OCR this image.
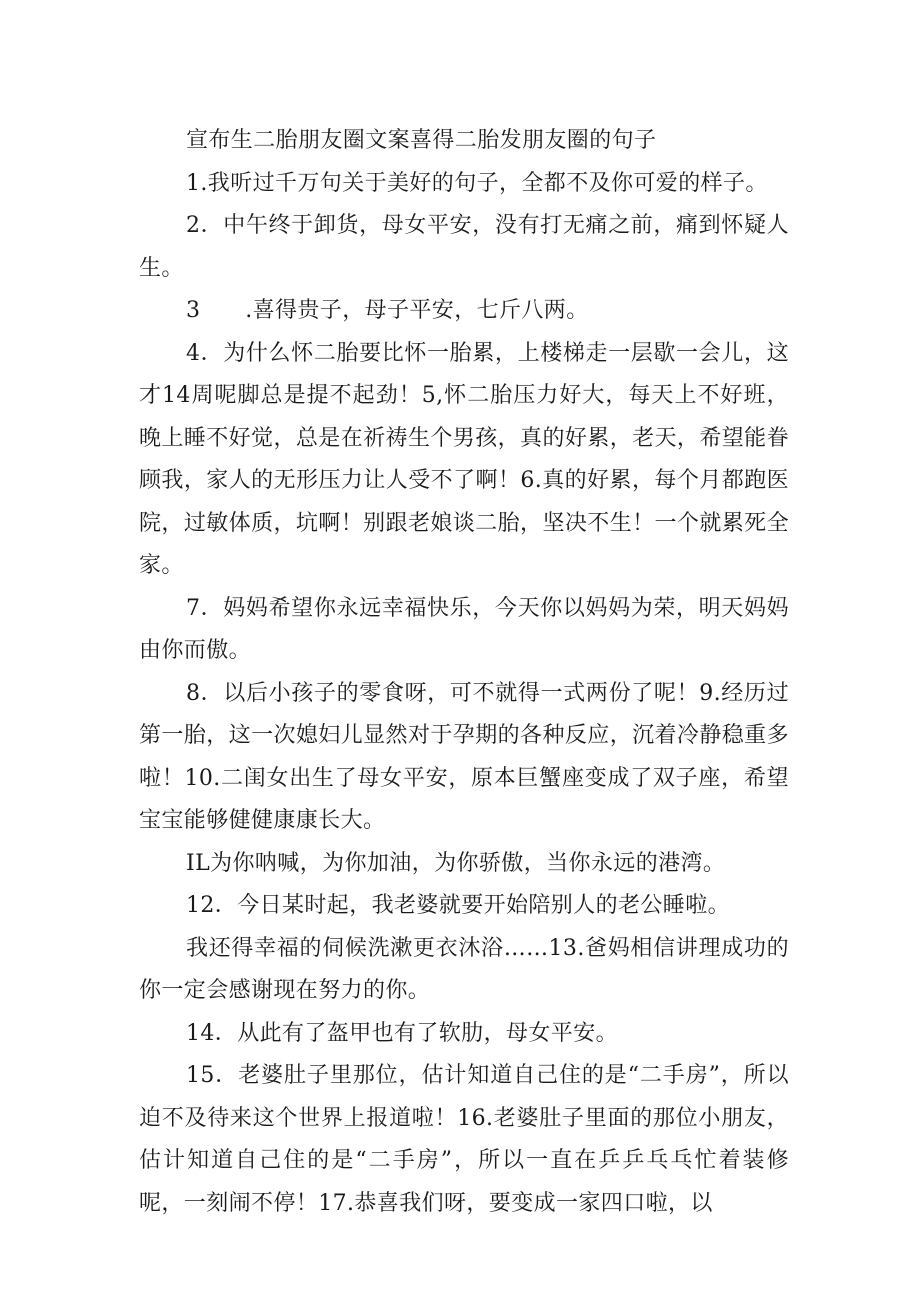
宣布生二胎朋友圈文案喜得二胎发朋友圈的句子

1.我听过千万句关于美好的句子，全都不及你可爱的样子。

2．中午终于卸货，母女平安，没有打无痛之前，痛到怀疑人生。

3　　.喜得贵子，母子平安，七斤八两。

4．为什么怀二胎要比怀一胎累，上楼梯走一层歇一会儿，这才14周呢脚总是提不起劲！5,怀二胎压力好大，每天上不好班，晚上睡不好觉，总是在祈祷生个男孩，真的好累，老天，希望能眷顾我，家人的无形压力让人受不了啊！6.真的好累，每个月都跑医院，过敏体质，坑啊！别跟老娘谈二胎，坚决不生！一个就累死全家。

7．妈妈希望你永远幸福快乐，今天你以妈妈为荣，明天妈妈由你而傲。

8．以后小孩子的零食呀，可不就得一式两份了呢！9.经历过第一胎，这一次媳妇儿显然对于孕期的各种反应，沉着冷静稳重多啦！10.二闺女出生了母女平安，原本巨蟹座变成了双子座，希望宝宝能够健健康康长大。

IL为你呐喊，为你加油，为你骄傲，当你永远的港湾。

12．今日某时起，我老婆就要开始陪别人的老公睡啦。

我还得幸福的伺候洗漱更衣沐浴……13.爸妈相信讲理成功的你一定会感谢现在努力的你。

14．从此有了盔甲也有了软肋，母女平安。

15．老婆肚子里那位，估计知道自己住的是“二手房”，所以迫不及待来这个世界上报道啦！16.老婆肚子里面的那位小朋友，估计知道自己住的是“二手房”，所以一直在乒乒乓乓忙着装修呢，一刻闹不停！17.恭喜我们呀，要变成一家四口啦，以
